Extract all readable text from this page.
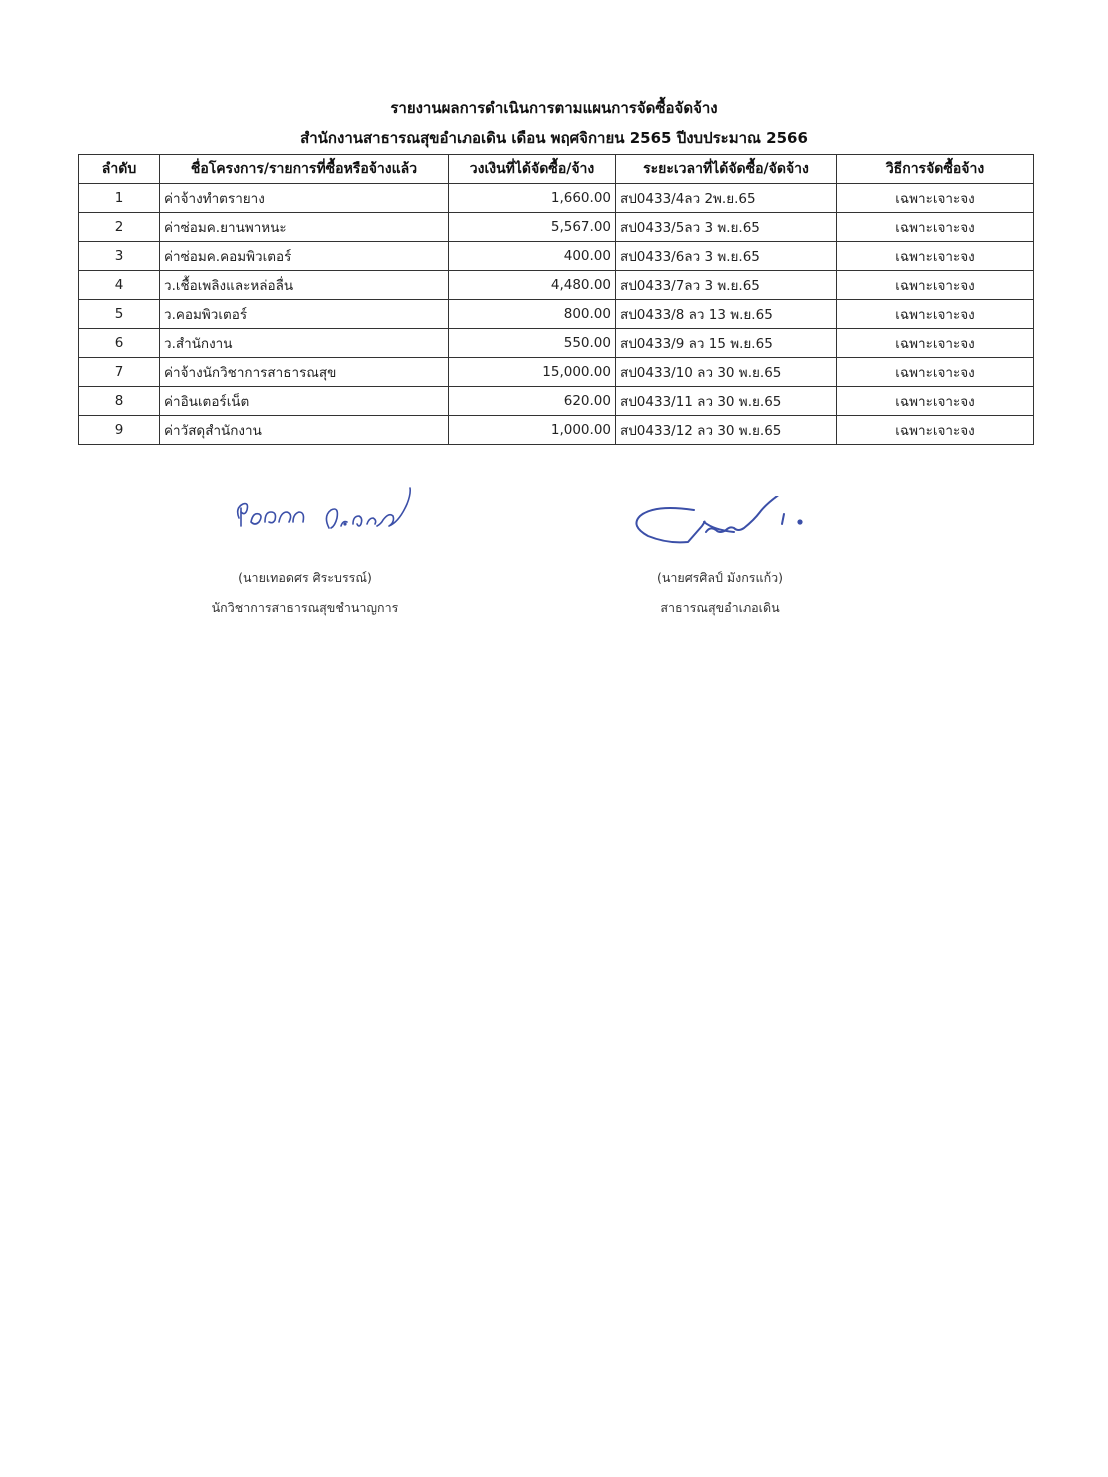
รายงานผลการดำเนินการตามแผนการจัดซื้อจัดจ้าง
สำนักงานสาธารณสุขอำเภอเดิน เดือน พฤศจิกายน 2565 ปีงบประมาณ 2566
ลำดับ	ชื่อโครงการ/รายการที่ซื้อหรือจ้างแล้ว	วงเงินที่ได้จัดซื้อ/จ้าง	ระยะเวลาที่ได้จัดซื้อ/จัดจ้าง	วิธีการจัดซื้อจ้าง
1	ค่าจ้างทำตรายาง	1,660.00	สป0433/4ลว 2พ.ย.65	เฉพาะเจาะจง
2	ค่าซ่อมค.ยานพาหนะ	5,567.00	สป0433/5ลว 3 พ.ย.65	เฉพาะเจาะจง
3	ค่าซ่อมค.คอมพิวเตอร์	400.00	สป0433/6ลว 3 พ.ย.65	เฉพาะเจาะจง
4	ว.เชื้อเพลิงและหล่อลื่น	4,480.00	สป0433/7ลว 3 พ.ย.65	เฉพาะเจาะจง
5	ว.คอมพิวเตอร์	800.00	สป0433/8 ลว 13 พ.ย.65	เฉพาะเจาะจง
6	ว.สำนักงาน	550.00	สป0433/9 ลว 15 พ.ย.65	เฉพาะเจาะจง
7	ค่าจ้างนักวิชาการสาธารณสุข	15,000.00	สป0433/10 ลว 30 พ.ย.65	เฉพาะเจาะจง
8	ค่าอินเตอร์เน็ต	620.00	สป0433/11 ลว 30 พ.ย.65	เฉพาะเจาะจง
9	ค่าวัสดุสำนักงาน	1,000.00	สป0433/12 ลว 30 พ.ย.65	เฉพาะเจาะจง
(นายเทอดศร ศิระบรรณ์)
นักวิชาการสาธารณสุขชำนาญการ
(นายศรศิลป์ มังกรแก้ว)
สาธารณสุขอำเภอเดิน
